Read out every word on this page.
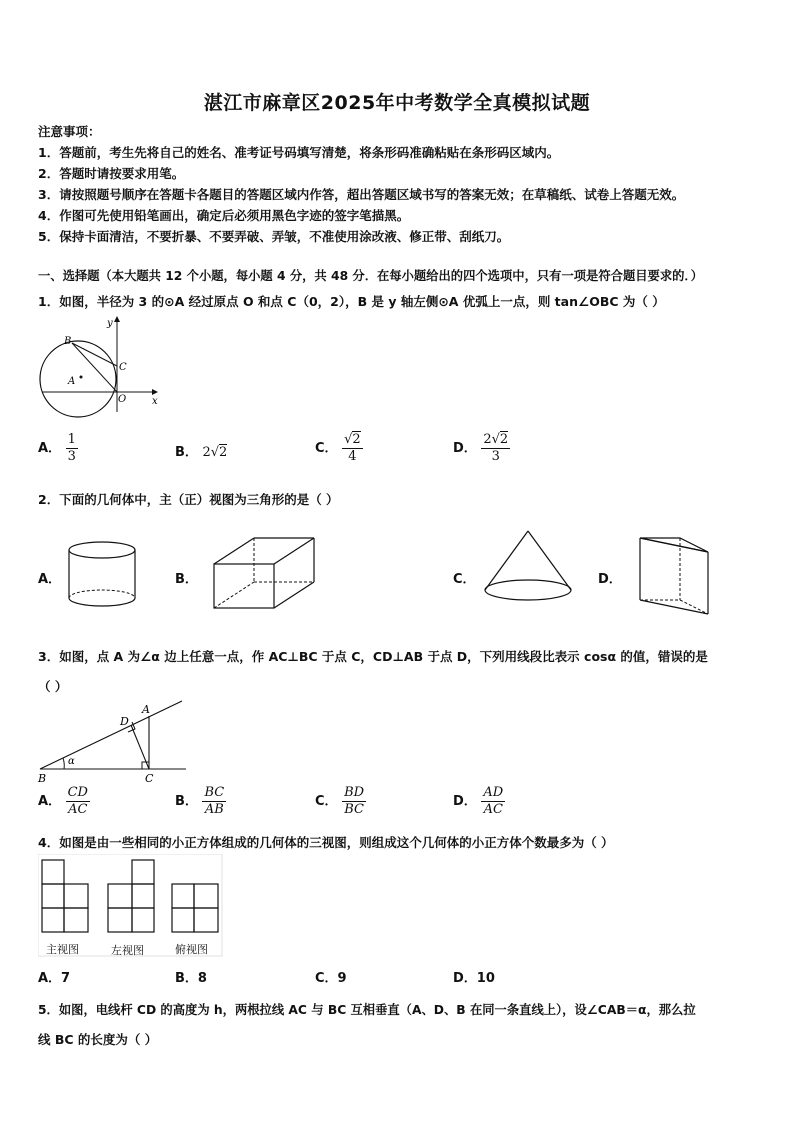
湛江市麻章区2025年中考数学全真模拟试题
注意事项：
1．答题前，考生先将自己的姓名、准考证号码填写清楚，将条形码准确粘贴在条形码区域内。
2．答题时请按要求用笔。
3．请按照题号顺序在答题卡各题目的答题区域内作答，超出答题区域书写的答案无效；在草稿纸、试卷上答题无效。
4．作图可先使用铅笔画出，确定后必须用黑色字迹的签字笔描黑。
5．保持卡面清洁，不要折暴、不要弄破、弄皱，不准使用涂改液、修正带、刮纸刀。
一、选择题（本大题共 12 个小题，每小题 4 分，共 48 分．在每小题给出的四个选项中，只有一项是符合题目要求的．）
1．如图，半径为 3 的⊙A 经过原点 O 和点 C（0，2），B 是 y 轴左侧⊙A 优弧上一点，则 tan∠OBC 为（ ）
y
x
B
C
A
O
A． $\frac{1}{3}$	B． 2√2	C． $\frac{√2}{4}$	D． $\frac{2√2}{3}$
2．下面的几何体中，主（正）视图为三角形的是（ ）
A．	B．	C．	D．
3．如图，点 A 为∠α 边上任意一点，作 AC⊥BC 于点 C，CD⊥AB 于点 D，下列用线段比表示 cosα 的值，错误的是
（ ）
A
B	C
D
α
A． $\frac{CD}{AC}$	B． $\frac{BC}{AB}$	C． $\frac{BD}{BC}$	D． $\frac{AD}{AC}$
4．如图是由一些相同的小正方体组成的几何体的三视图，则组成这个几何体的小正方体个数最多为（ ）
主视图	左视图	俯视图
A．7	B．8	C．9	D．10
5．如图，电线杆 CD 的高度为 h，两根拉线 AC 与 BC 互相垂直（A、D、B 在同一条直线上），设∠CAB＝α，那么拉
线 BC 的长度为（ ）
